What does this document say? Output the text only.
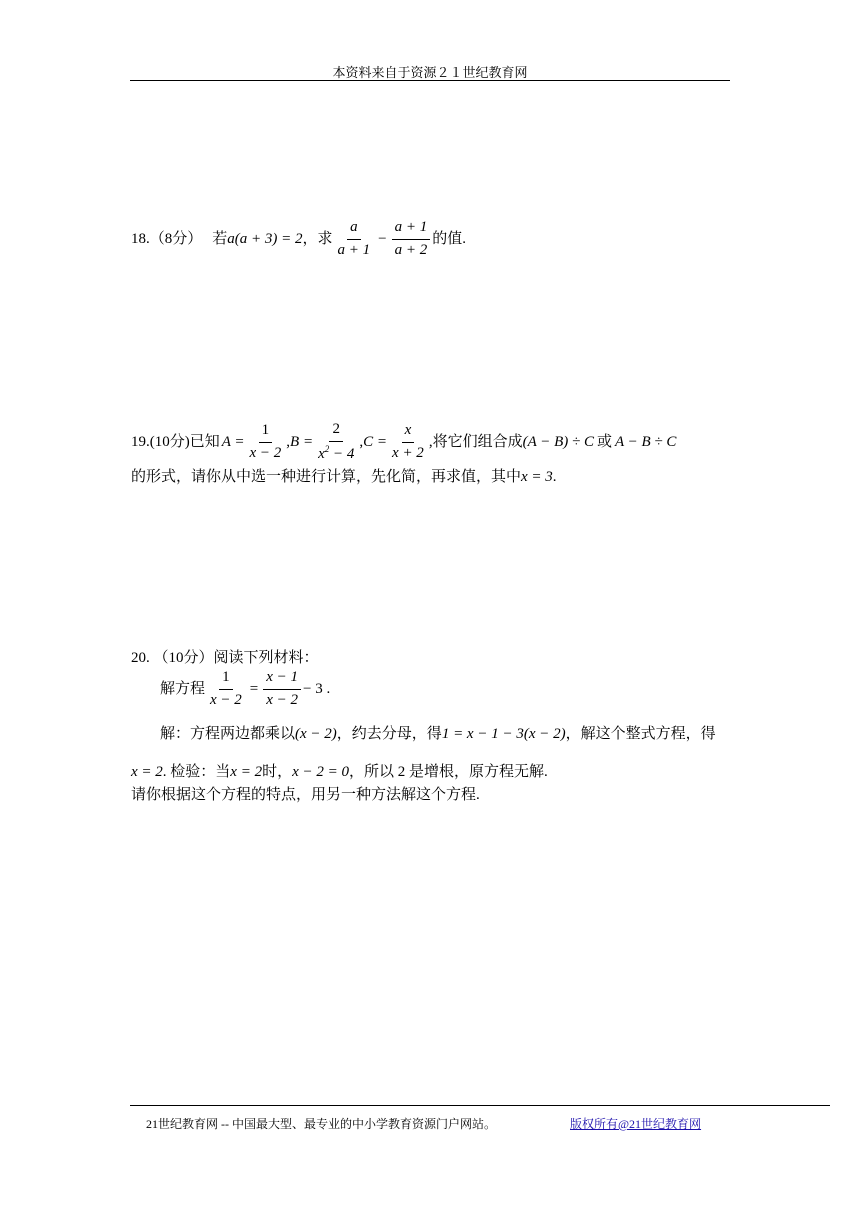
本资料来自于资源２１世纪教育网
18.（8分） 若 a(a + 3) = 2 ，求 $\frac{a}{a + 1} - \frac{a + 1}{a + 2}$ 的值.
19.(10分)已知 $A = \frac{1}{x - 2}$ , $B = \frac{2}{x^2 - 4}$ , $C = \frac{x}{x + 2}$ ,将它们组合成 (A − B) ÷ C 或 A − B ÷ C
的形式，请你从中选一种进行计算，先化简，再求值，其中x = 3.
20. （10分）阅读下列材料：
解方程 $\frac{1}{x - 2} = \frac{x - 1}{x - 2} - 3$ .
解：方程两边都乘以(x − 2)，约去分母，得1 = x − 1 − 3(x − 2)，解这个整式方程，得
x = 2. 检验：当x = 2时，x − 2 = 0，所以 2 是增根，原方程无解.
请你根据这个方程的特点，用另一种方法解这个方程.
21世纪教育网 -- 中国最大型、最专业的中小学教育资源门户网站。	版权所有@21世纪教育网
